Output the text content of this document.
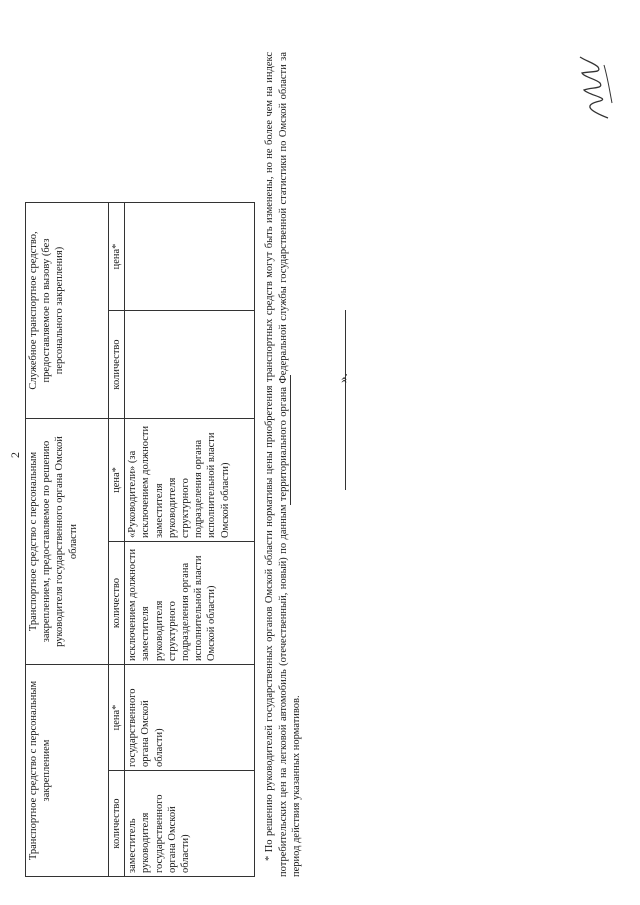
2
Транспортное средство с персональным закреплением		Транспортное средство с персональным закреплением, предоставляемое по решению руководителя государственного органа Омской области		Служебное транспортное средство, предоставляемое по вызову (без персонального закрепления)	
количество	цена*	количество	цена*	количество	цена*
заместитель руководителя государственного органа Омской области)	государственного органа Омской области)	исключением должности заместителя руководителя структурного подразделения органа исполнительной власти Омской области)	«Руководители» (за исключением должности заместителя руководителя структурного подразделения органа исполнительной власти Омской области)		
».

* По решению руководителей государственных органов Омской области нормативы цены приобретения транспортных средств могут быть изменены, но не более чем на индекс потребительских цен на легковой автомобиль (отечественный, новый) по данным территориального органа Федеральной службы государственной статистики по Омской области за период действия указанных нормативов.
